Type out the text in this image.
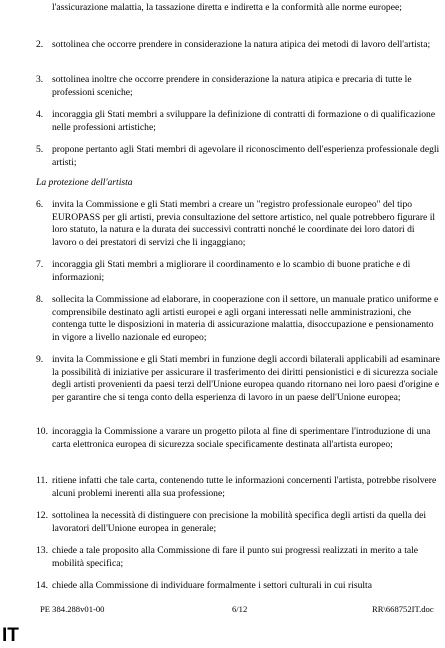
l'assicurazione malattia, la tassazione diretta e indiretta e la conformità alle norme europee;
2. sottolinea che occorre prendere in considerazione la natura atipica dei metodi di lavoro dell'artista;
3. sottolinea inoltre che occorre prendere in considerazione la natura atipica e precaria di tutte le professioni sceniche;
4. incoraggia gli Stati membri a sviluppare la definizione di contratti di formazione o di qualificazione nelle professioni artistiche;
5. propone pertanto agli Stati membri di agevolare il riconoscimento dell'esperienza professionale degli artisti;
La protezione dell'artista
6. invita la Commissione e gli Stati membri a creare un "registro professionale europeo" del tipo EUROPASS per gli artisti, previa consultazione del settore artistico, nel quale potrebbero figurare il loro statuto, la natura e la durata dei successivi contratti nonché le coordinate dei loro datori di lavoro o dei prestatori di servizi che li ingaggiano;
7. incoraggia gli Stati membri a migliorare il coordinamento e lo scambio di buone pratiche e di informazioni;
8. sollecita la Commissione ad elaborare, in cooperazione con il settore, un manuale pratico uniforme e comprensibile destinato agli artisti europei e agli organi interessati nelle amministrazioni, che contenga tutte le disposizioni in materia di assicurazione malattia, disoccupazione e pensionamento in vigore a livello nazionale ed europeo;
9. invita la Commissione e gli Stati membri in funzione degli accordi bilaterali applicabili ad esaminare la possibilità di iniziative per assicurare il trasferimento dei diritti pensionistici e di sicurezza sociale degli artisti provenienti da paesi terzi dell'Unione europea quando ritornano nei loro paesi d'origine e per garantire che si tenga conto della esperienza di lavoro in un paese dell'Unione europea;
10. incoraggia la Commissione a varare un progetto pilota al fine di sperimentare l'introduzione di una carta elettronica europea di sicurezza sociale specificamente destinata all'artista europeo;
11. ritiene infatti che tale carta, contenendo tutte le informazioni concernenti l'artista, potrebbe risolvere alcuni problemi inerenti alla sua professione;
12. sottolinea la necessità di distinguere con precisione la mobilità specifica degli artisti da quella dei lavoratori dell'Unione europea in generale;
13. chiede a tale proposito alla Commissione di fare il punto sui progressi realizzati in merito a tale mobilità specifica;
14. chiede alla Commissione di individuare formalmente i settori culturali in cui risulta
PE 384.288v01-00	6/12	RR\668752IT.doc
IT
